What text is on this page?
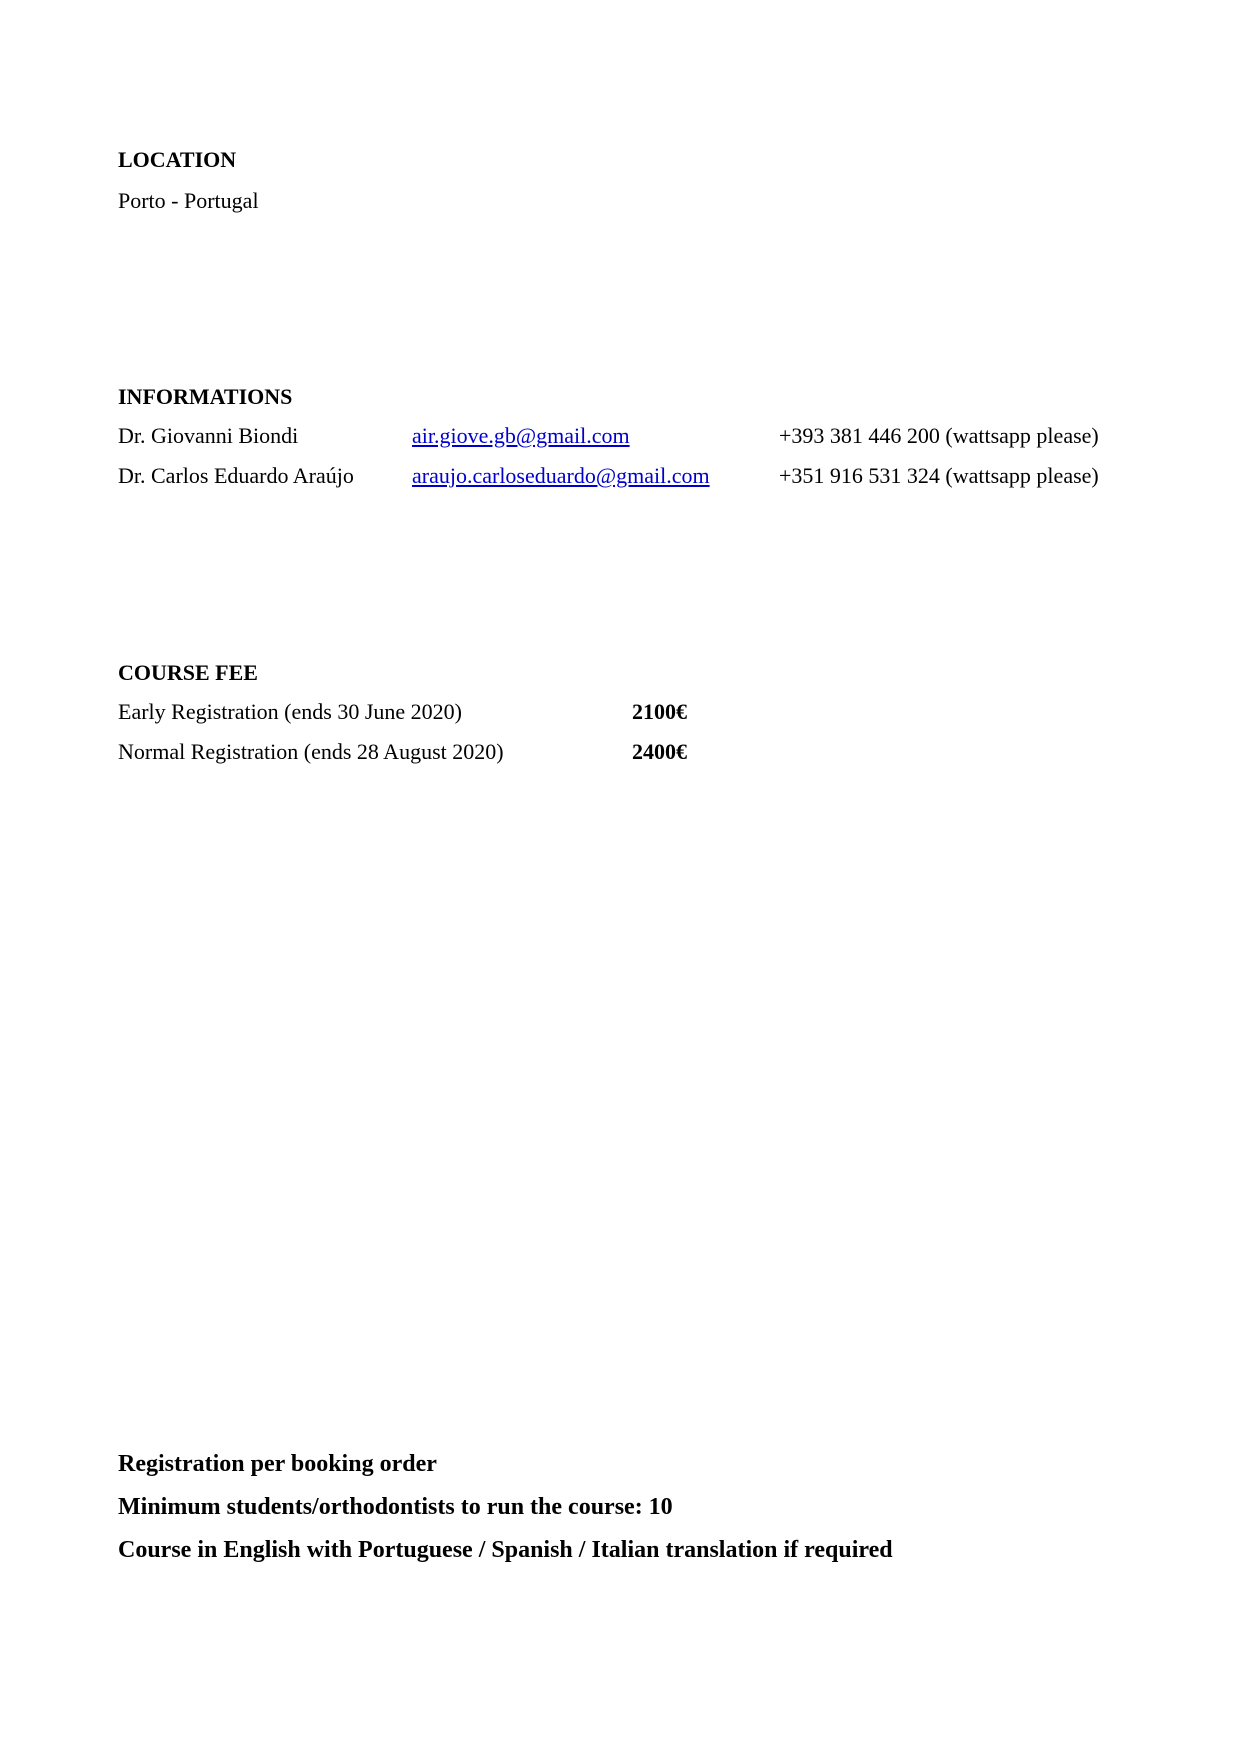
LOCATION
Porto - Portugal
INFORMATIONS
Dr. Giovanni Biondi	air.giove.gb@gmail.com	+393 381 446 200 (wattsapp please)
Dr. Carlos Eduardo Araújo	araujo.carloseduardo@gmail.com	+351 916 531 324 (wattsapp please)
COURSE FEE
Early Registration (ends 30 June 2020)	2100€
Normal Registration (ends 28 August 2020)	2400€
Registration per booking order
Minimum students/orthodontists to run the course: 10
Course in English with Portuguese / Spanish / Italian translation if required
